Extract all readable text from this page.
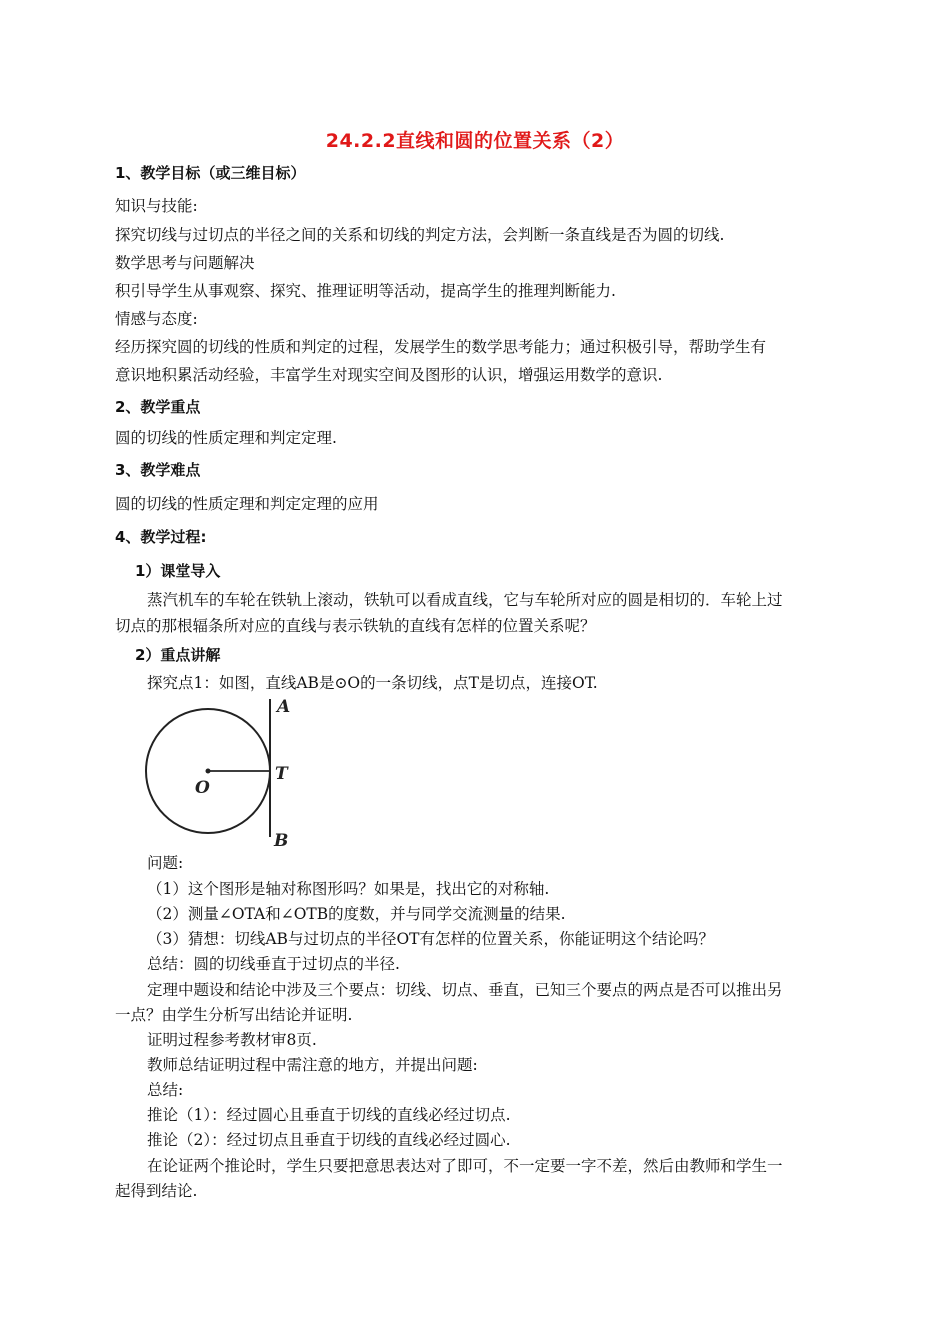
24.2.2直线和圆的位置关系（2）
1、教学目标（或三维目标）
知识与技能:
探究切线与过切点的半径之间的关系和切线的判定方法，会判断一条直线是否为圆的切线.
数学思考与问题解决
积引导学生从事观察、探究、推理证明等活动，提高学生的推理判断能力.
情感与态度:
经历探究圆的切线的性质和判定的过程，发展学生的数学思考能力；通过积极引导，帮助学生有
意识地积累活动经验，丰富学生对现实空间及图形的认识，增强运用数学的意识.
2、教学重点
圆的切线的性质定理和判定定理.
3、教学难点
圆的切线的性质定理和判定定理的应用
4、教学过程:
1）课堂导入
蒸汽机车的车轮在铁轨上滚动，铁轨可以看成直线，它与车轮所对应的圆是相切的．车轮上过
切点的那根辐条所对应的直线与表示铁轨的直线有怎样的位置关系呢？
2）重点讲解
探究点1：如图，直线AB是⊙O的一条切线，点T是切点，连接OT.
A
T
O
B
问题:
（1）这个图形是轴对称图形吗？如果是，找出它的对称轴.
（2）测量∠OTA和∠OTB的度数，并与同学交流测量的结果.
（3）猜想：切线AB与过切点的半径OT有怎样的位置关系，你能证明这个结论吗？
总结：圆的切线垂直于过切点的半径.
定理中题设和结论中涉及三个要点：切线、切点、垂直，已知三个要点的两点是否可以推出另
一点？由学生分析写出结论并证明.
证明过程参考教材审8页.
教师总结证明过程中需注意的地方，并提出问题:
总结:
推论（1）：经过圆心且垂直于切线的直线必经过切点.
推论（2）：经过切点且垂直于切线的直线必经过圆心.
在论证两个推论时，学生只要把意思表达对了即可，不一定要一字不差，然后由教师和学生一
起得到结论.
